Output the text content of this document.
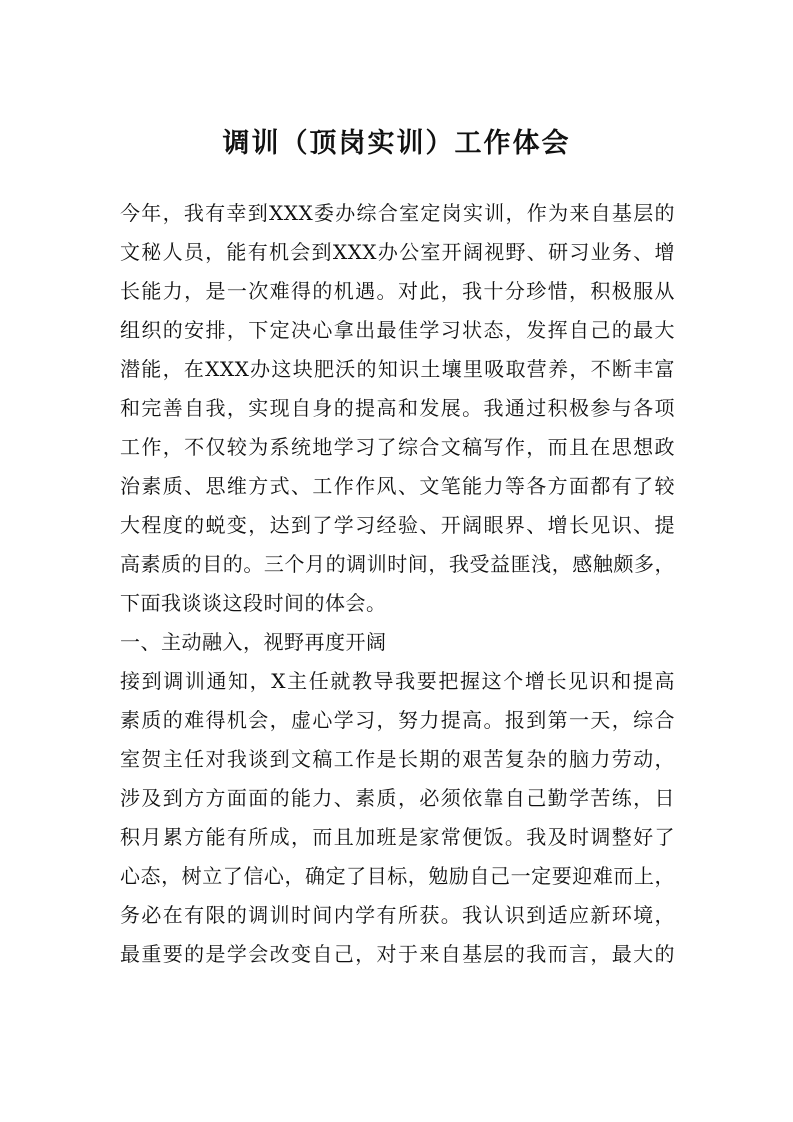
调训（顶岗实训）工作体会
今年，我有幸到XXX委办综合室定岗实训，作为来自基层的
文秘人员，能有机会到XXX办公室开阔视野、研习业务、增
长能力，是一次难得的机遇。对此，我十分珍惜，积极服从
组织的安排，下定决心拿出最佳学习状态，发挥自己的最大
潜能，在XXX办这块肥沃的知识土壤里吸取营养，不断丰富
和完善自我，实现自身的提高和发展。我通过积极参与各项
工作，不仅较为系统地学习了综合文稿写作，而且在思想政
治素质、思维方式、工作作风、文笔能力等各方面都有了较
大程度的蜕变，达到了学习经验、开阔眼界、增长见识、提
高素质的目的。三个月的调训时间，我受益匪浅，感触颇多，
下面我谈谈这段时间的体会。
一、主动融入，视野再度开阔
接到调训通知，X主任就教导我要把握这个增长见识和提高
素质的难得机会，虚心学习，努力提高。报到第一天，综合
室贺主任对我谈到文稿工作是长期的艰苦复杂的脑力劳动，
涉及到方方面面的能力、素质，必须依靠自己勤学苦练，日
积月累方能有所成，而且加班是家常便饭。我及时调整好了
心态，树立了信心，确定了目标，勉励自己一定要迎难而上，
务必在有限的调训时间内学有所获。我认识到适应新环境，
最重要的是学会改变自己，对于来自基层的我而言，最大的
